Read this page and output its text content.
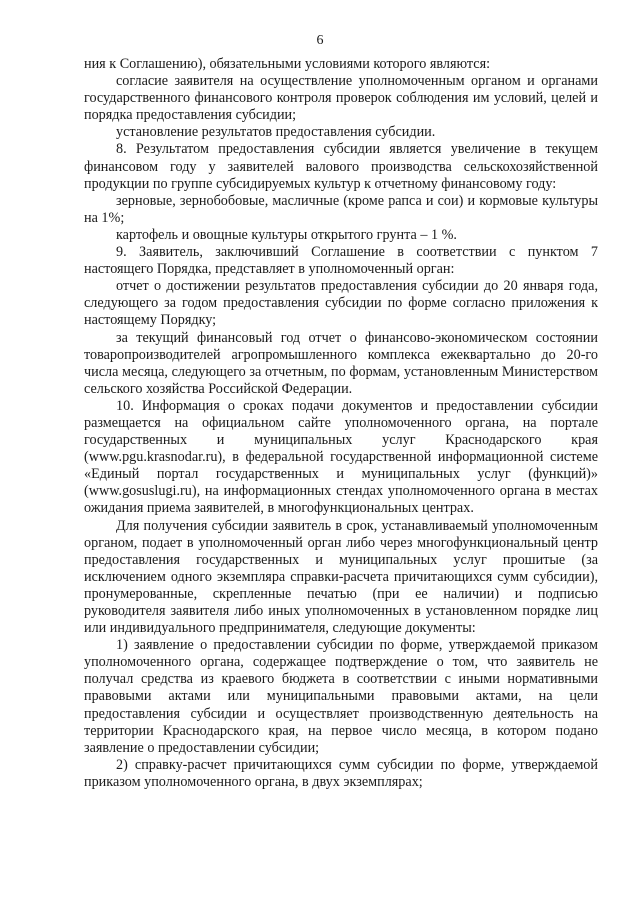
6

ния к Соглашению), обязательными условиями которого являются:

согласие заявителя на осуществление уполномоченным органом и органами государственного финансового контроля проверок соблюдения им условий, целей и порядка предоставления субсидии;

установление результатов предоставления субсидии.

8. Результатом предоставления субсидии является увеличение в текущем финансовом году у заявителей валового производства сельскохозяйственной продукции по группе субсидируемых культур к отчетному финансовому году:

зерновые, зернобобовые, масличные (кроме рапса и сои) и кормовые культуры на 1%;

картофель и овощные культуры открытого грунта – 1 %.

9. Заявитель, заключивший Соглашение в соответствии с пунктом 7 настоящего Порядка, представляет в уполномоченный орган:

отчет о достижении результатов предоставления субсидии до 20 января года, следующего за годом предоставления субсидии по форме согласно приложения к настоящему Порядку;

за текущий финансовый год отчет о финансово-экономическом состоянии товаропроизводителей агропромышленного комплекса ежеквартально до 20-го числа месяца, следующего за отчетным, по формам, установленным Министерством сельского хозяйства Российской Федерации.

10. Информация о сроках подачи документов и предоставлении субсидии размещается на официальном сайте уполномоченного органа, на портале государственных и муниципальных услуг Краснодарского края (www.pgu.krasnodar.ru), в федеральной государственной информационной системе «Единый портал государственных и муниципальных услуг (функций)» (www.gosuslugi.ru), на информационных стендах уполномоченного органа в местах ожидания приема заявителей, в многофункциональных центрах.

Для получения субсидии заявитель в срок, устанавливаемый уполномоченным органом, подает в уполномоченный орган либо через многофункциональный центр предоставления государственных и муниципальных услуг прошитые (за исключением одного экземпляра справки-расчета причитающихся сумм субсидии), пронумерованные, скрепленные печатью (при ее наличии) и подписью руководителя заявителя либо иных уполномоченных в установленном порядке лиц или индивидуального предпринимателя, следующие документы:

1) заявление о предоставлении субсидии по форме, утверждаемой приказом уполномоченного органа, содержащее подтверждение о том, что заявитель не получал средства из краевого бюджета в соответствии с иными нормативными правовыми актами или муниципальными правовыми актами, на цели предоставления субсидии и осуществляет производственную деятельность на территории Краснодарского края, на первое число месяца, в котором подано заявление о предоставлении субсидии;

2) справку-расчет причитающихся сумм субсидии по форме, утверждаемой приказом уполномоченного органа, в двух экземплярах;
